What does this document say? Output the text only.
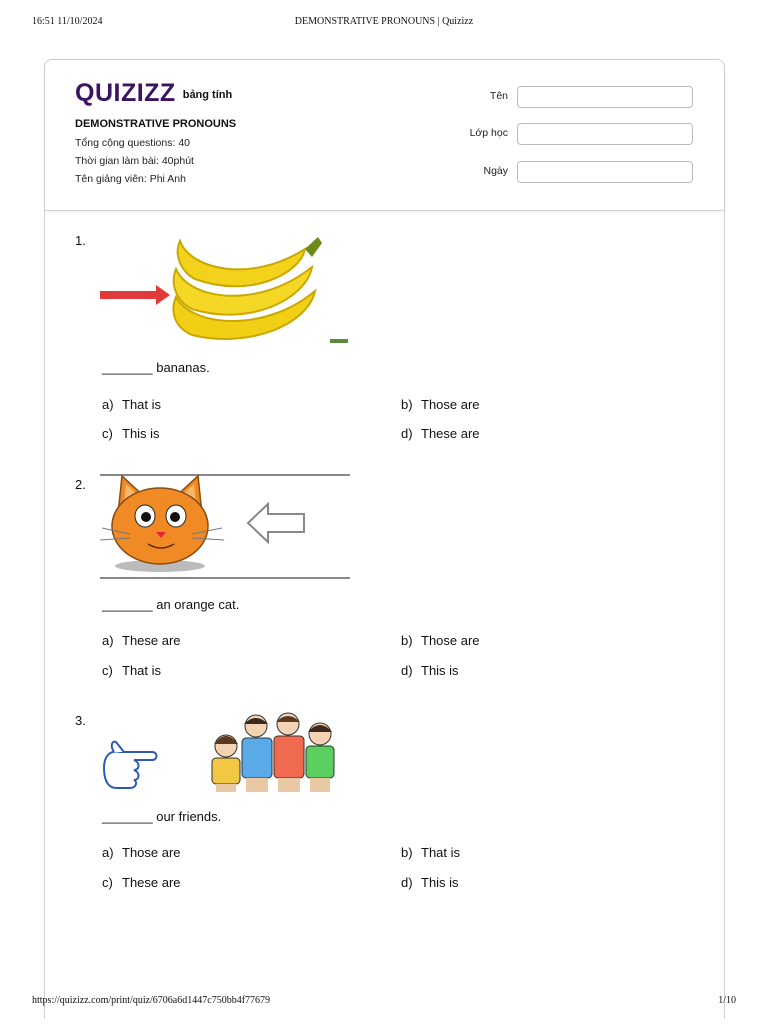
16:51 11/10/2024	DEMONSTRATIVE PRONOUNS | Quizizz
QUIZIZZ bảng tính
DEMONSTRATIVE PRONOUNS
Tổng cộng questions: 40
Thời gian làm bài: 40phút
Tên giảng viên: Phi Anh
Tên
Lớp học
Ngày
1.
_______ bananas.
a) That is	b) Those are
c) This is	d) These are
2.
_______ an orange cat.
a) These are	b) Those are
c) That is	d) This is
3.
_______ our friends.
a) Those are	b) That is
c) These are	d) This is
https://quizizz.com/print/quiz/6706a6d1447c750bb4f77679	1/10
